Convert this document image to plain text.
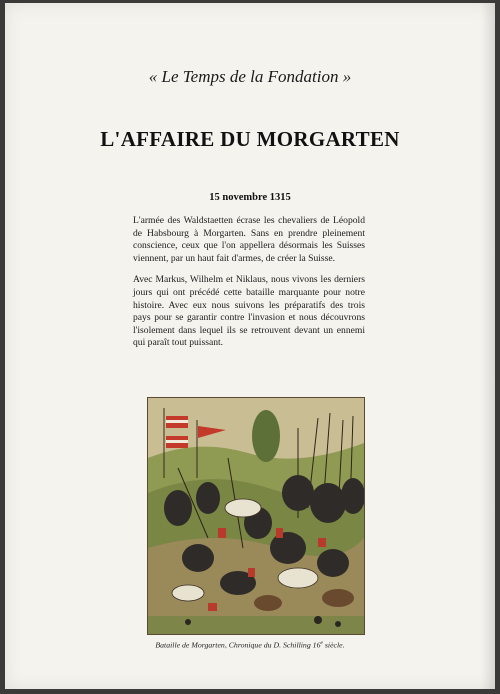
« Le Temps de la Fondation »
L'AFFAIRE DU MORGARTEN
15 novembre 1315

L'armée des Waldstaetten écrase les chevaliers de Léopold de Habsbourg à Morgarten. Sans en prendre pleinement conscience, ceux que l'on appellera désormais les Suisses viennent, par un haut fait d'armes, de créer la Suisse.

Avec Markus, Wilhelm et Niklaus, nous vivons les derniers jours qui ont précédé cette bataille marquante pour notre histoire. Avec eux nous suivons les préparatifs des trois pays pour se garantir contre l'invasion et nous découvrons l'isolement dans lequel ils se retrouvent devant un ennemi qui paraît tout puissant.

Bataille de Morgarten, Chronique du D. Schilling 16e siècle.
